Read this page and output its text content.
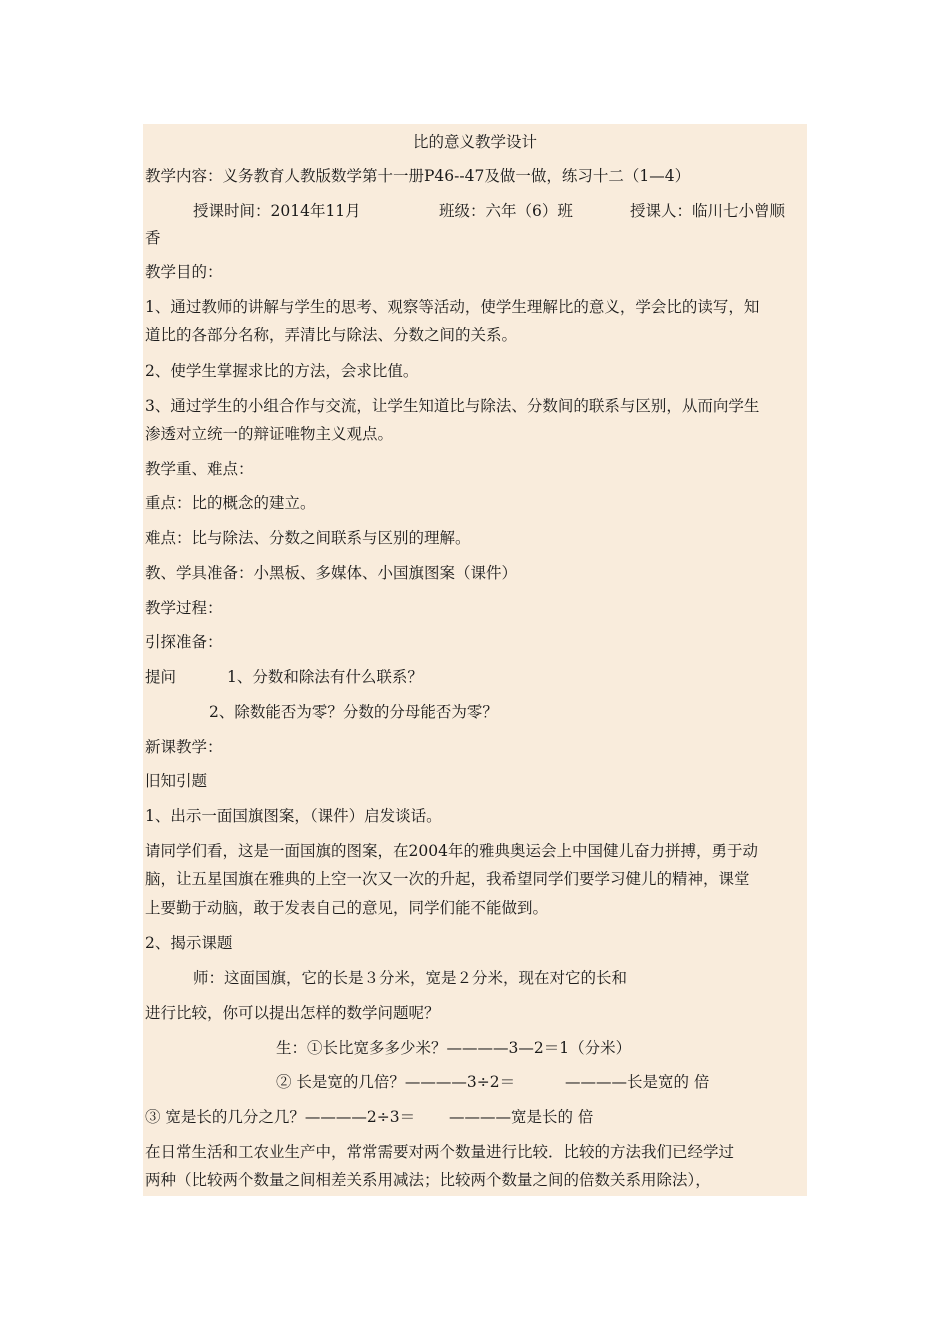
比的意义教学设计
教学内容：义务教育人教版数学第十一册P46--47及做一做，练习十二（1—4）
授课时间：2014年11月	班级：六年（6）班	授课人：临川七小曾顺
香
教学目的：
1、通过教师的讲解与学生的思考、观察等活动，使学生理解比的意义，学会比的读写，知
道比的各部分名称，弄清比与除法、分数之间的关系。
2、使学生掌握求比的方法，会求比值。
3、通过学生的小组合作与交流，让学生知道比与除法、分数间的联系与区别，从而向学生
渗透对立统一的辩证唯物主义观点。
教学重、难点：
重点：比的概念的建立。
难点：比与除法、分数之间联系与区别的理解。
教、学具准备：小黑板、多媒体、小国旗图案（课件）
教学过程：
引探准备：
提问	1、分数和除法有什么联系？
2、除数能否为零？分数的分母能否为零？
新课教学：
旧知引题
1、出示一面国旗图案，（课件）启发谈话。
请同学们看，这是一面国旗的图案，在2004年的雅典奥运会上中国健儿奋力拼搏，勇于动
脑，让五星国旗在雅典的上空一次又一次的升起，我希望同学们要学习健儿的精神，课堂
上要勤于动脑，敢于发表自己的意见，同学们能不能做到。
2、揭示课题
师：这面国旗，它的长是３分米，宽是２分米，现在对它的长和
进行比较，你可以提出怎样的数学问题呢？
生：①长比宽多多少米？————3—2＝1（分米）
② 长是宽的几倍？————3÷2＝	————长是宽的 倍
③ 宽是长的几分之几？————2÷3＝ ————宽是长的 倍
在日常生活和工农业生产中，常常需要对两个数量进行比较．比较的方法我们已经学过
两种（比较两个数量之间相差关系用减法；比较两个数量之间的倍数关系用除法），
